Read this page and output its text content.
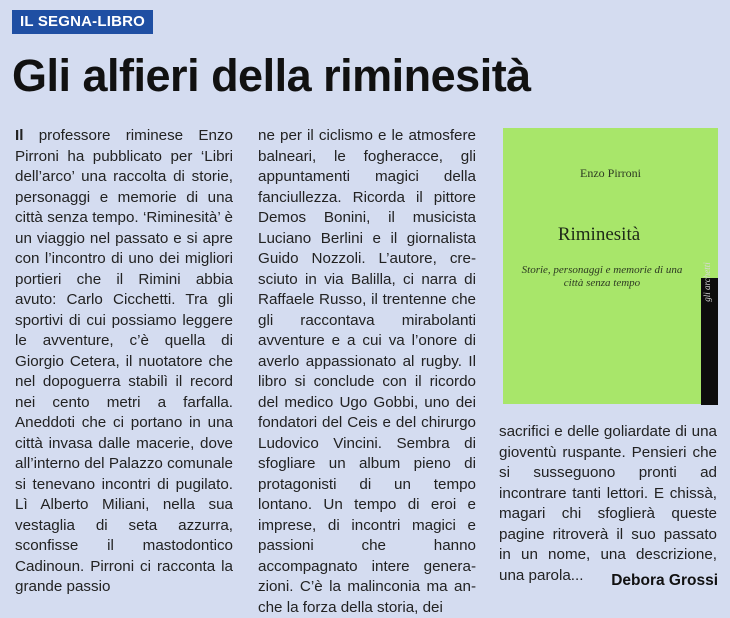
IL SEGNA-LIBRO
Gli alfieri della riminesità

Il professore riminese Enzo Pirroni ha pubblicato per ‘Libri dell’arco’ una raccolta di storie, personaggi e memorie di una città senza tempo. ‘Riminesità’ è un viaggio nel passato e si apre con l’incontro di uno dei migliori portieri che il Rimini abbia avuto: Carlo Cicchetti. Tra gli sportivi di cui possiamo leggere le avventure, c’è quella di Giorgio Cetera, il nuotatore che nel dopoguerra stabilì il record nei cento metri a farfalla. Aneddoti che ci portano in una città invasa dalle macerie, dove all’interno del Palazzo comunale si tenevano incontri di pugilato. Lì Alberto Miliani, nella sua vestaglia di seta azzurra, sconfisse il mastodontico Cadinoun. Pirroni ci racconta la grande passio

ne per il ciclismo e le atmosfere balneari, le fogheracce, gli appuntamenti magici della fanciullezza. Ricorda il pittore Demos Bonini, il musicista Luciano Berlini e il giornalista Guido Nozzoli. L’autore, cresciuto in via Balilla, ci narra di Raffaele Russo, il trentenne che gli raccontava mirabolanti avventure e a cui va l’onore di averlo appassionato al rugby. Il libro si conclude con il ricordo del medico Ugo Gobbi, uno dei fondatori del Ceis e del chirurgo Ludovico Vincini. Sembra di sfogliare un album pieno di protagonisti di un tempo lontano. Un tempo di eroi e imprese, di incontri magici e passioni che hanno accompagnato intere generazioni. C’è la malinconia ma anche la forza della storia, dei

Enzo Pirroni
Riminesità
Storie, personaggi e memorie di una città senza tempo	gli archetti

sacrifici e delle goliardate di una gioventù ruspante. Pensieri che si susseguono pronti ad incontrare tanti lettori. E chissà, magari chi sfoglierà queste pagine ritroverà il suo passato in un nome, una descrizione, una parola...	Debora Grossi
